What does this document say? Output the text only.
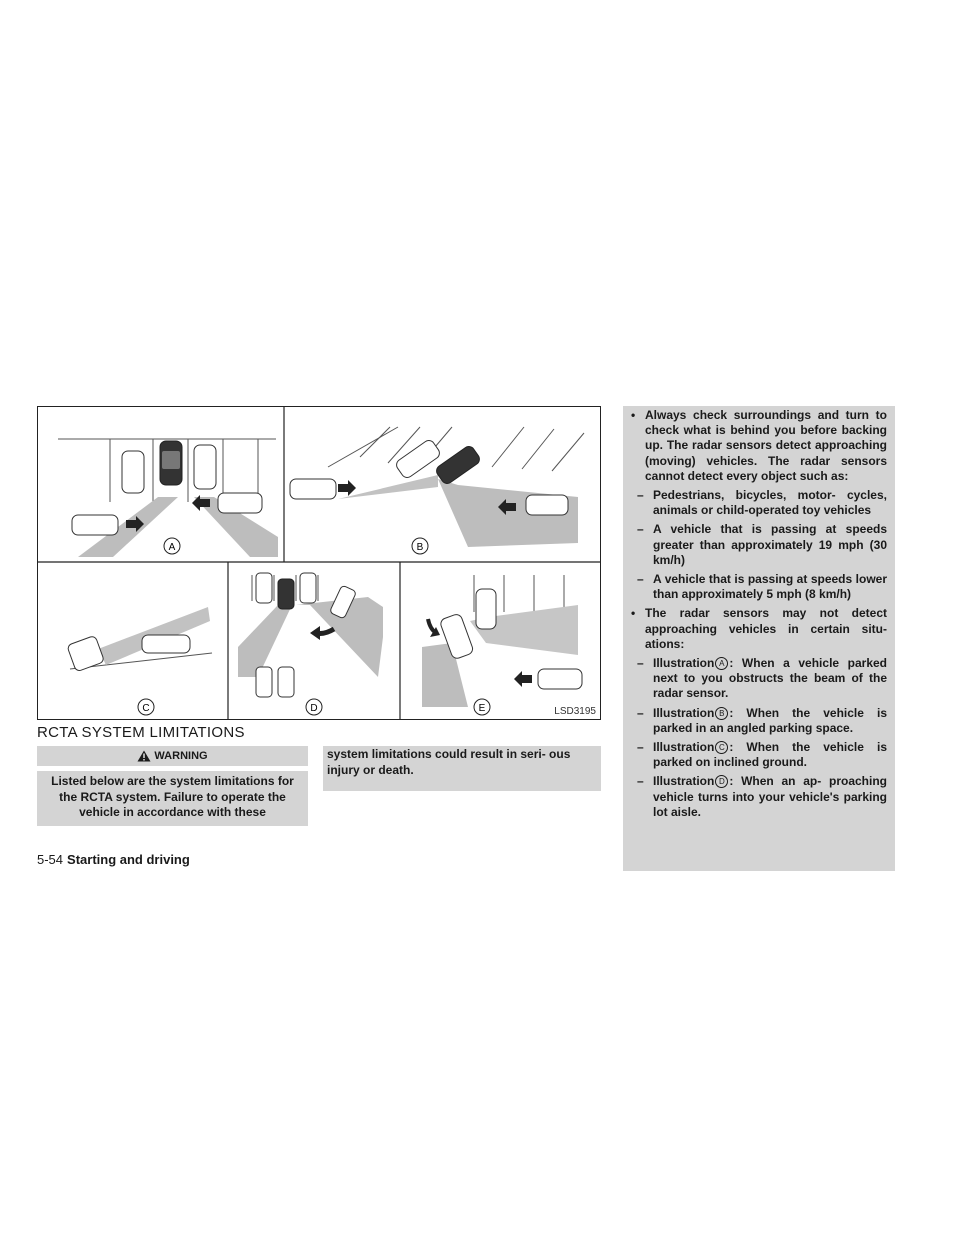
A	B
C	D	E	LSD3195
RCTA SYSTEM LIMITATIONS
WARNING
Listed below are the system limitations for the RCTA system. Failure to operate the vehicle in accordance with these
system limitations could result in seri- ous injury or death.
• Always check surroundings and turn to check what is behind you before backing up. The radar sensors detect approaching (moving) vehicles. The radar sensors cannot detect every object such as:
– Pedestrians, bicycles, motor- cycles, animals or child-operated toy vehicles
– A vehicle that is passing at speeds greater than approximately 19 mph (30 km/h)
– A vehicle that is passing at speeds lower than approximately 5 mph (8 km/h)
• The radar sensors may not detect approaching vehicles in certain situ- ations:
– Illustration A : When a vehicle parked next to you obstructs the beam of the radar sensor.
– Illustration B : When the vehicle is parked in an angled parking space.
– Illustration C : When the vehicle is parked on inclined ground.
– Illustration D : When an ap- proaching vehicle turns into your vehicle's parking lot aisle.
5-54 Starting and driving
